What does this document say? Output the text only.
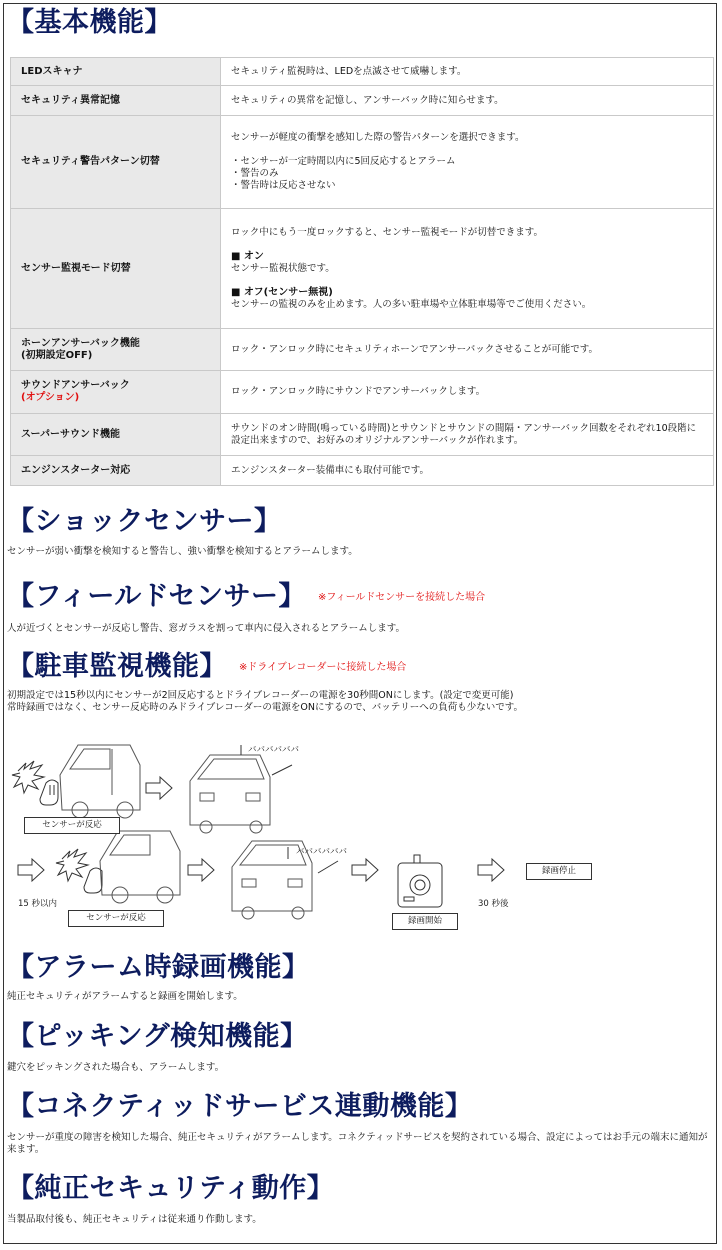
【基本機能】
LEDスキャナ	セキュリティ監視時は、LEDを点滅させて威嚇します。
セキュリティ異常記憶	セキュリティの異常を記憶し、アンサーバック時に知らせます。
セキュリティ警告パターン切替	センサーが軽度の衝撃を感知した際の警告パターンを選択できます。
・センサーが一定時間以内に5回反応するとアラーム
・警告のみ
・警告時は反応させない

センサー監視モード切替	ロック中にもう一度ロックすると、センサー監視モードが切替できます。
■ オン
センサー監視状態です。
■ オフ(センサー無視)
センサーの監視のみを止めます。人の多い駐車場や立体駐車場等でご使用ください。

ホーンアンサーバック機能
(初期設定OFF)	ロック・アンロック時にセキュリティホーンでアンサーバックさせることが可能です。

サウンドアンサーバック
(オプション)	ロック・アンロック時にサウンドでアンサーバックします。
スーパーサウンド機能	サウンドのオン時間(鳴っている時間)とサウンドとサウンドの間隔・アンサーバック回数をそれぞれ10段階に設定出来ますので、お好みのオリジナルアンサーバックが作れます。
エンジンスターター対応	エンジンスターター装備車にも取付可能です。
【ショックセンサー】
センサーが弱い衝撃を検知すると警告し、強い衝撃を検知するとアラームします。
【フィールドセンサー】 ※フィールドセンサーを接続した場合
人が近づくとセンサーが反応し警告、窓ガラスを割って車内に侵入されるとアラームします。
【駐車監視機能】 ※ドライブレコーダーに接続した場合
初期設定では15秒以内にセンサーが2回反応するとドライブレコーダーの電源を30秒間ONにします。(設定で変更可能)
常時録画ではなく、センサー反応時のみドライブレコーダーの電源をONにするので、バッテリーへの負荷も少ないです。
ババババババ
センサーが反応
ババババババ
15 秒以内
センサーが反応	録画開始
30 秒後
録画停止
【アラーム時録画機能】
純正セキュリティがアラームすると録画を開始します。
【ピッキング検知機能】
鍵穴をピッキングされた場合も、アラームします。
【コネクティッドサービス連動機能】
センサーが重度の障害を検知した場合、純正セキュリティがアラームします。コネクティッドサービスを契約されている場合、設定によってはお手元の端末に通知が来ます。
【純正セキュリティ動作】
当製品取付後も、純正セキュリティは従来通り作動します。
